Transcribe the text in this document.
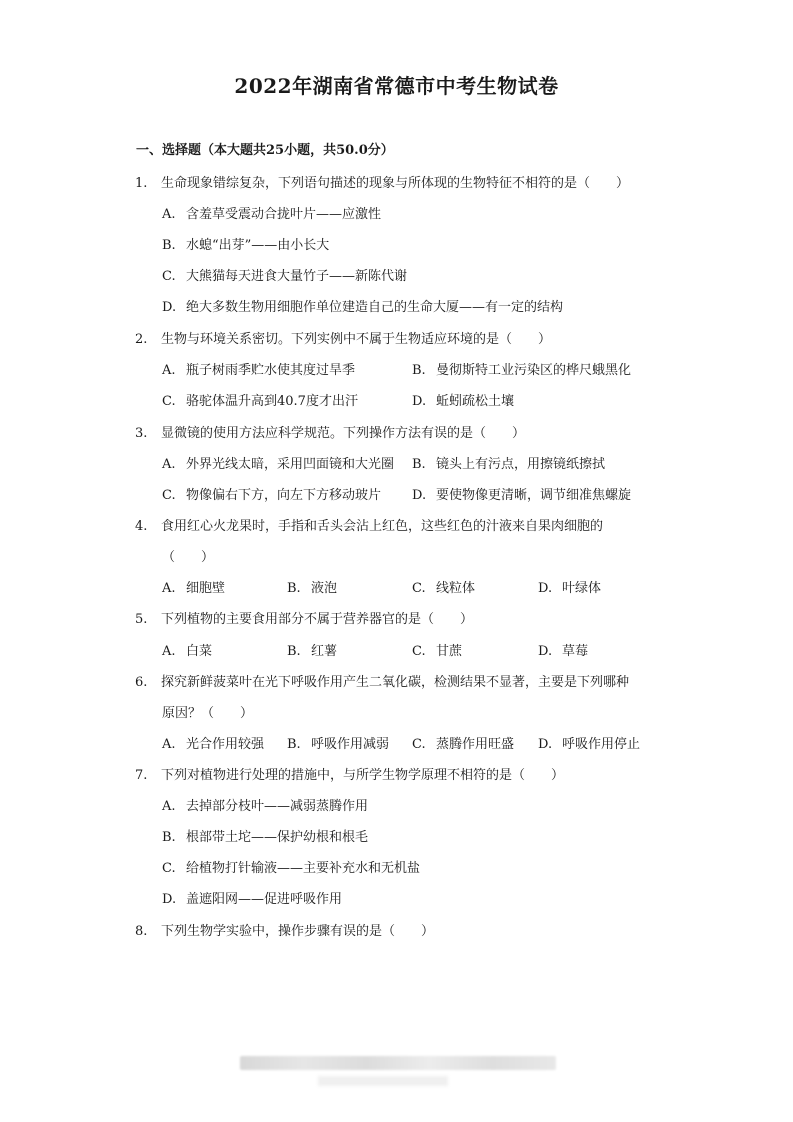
2022年湖南省常德市中考生物试卷
一、选择题（本大题共25小题，共50.0分）
1. 生命现象错综复杂，下列语句描述的现象与所体现的生物特征不相符的是（　　）
A. 含羞草受震动合拢叶片——应激性
B. 水螅“出芽”——由小长大
C. 大熊猫每天进食大量竹子——新陈代谢
D. 绝大多数生物用细胞作单位建造自己的生命大厦——有一定的结构
2. 生物与环境关系密切。下列实例中不属于生物适应环境的是（　　）
A. 瓶子树雨季贮水使其度过旱季	B. 曼彻斯特工业污染区的桦尺蛾黑化
C. 骆驼体温升高到40.7度才出汗	D. 蚯蚓疏松土壤
3. 显微镜的使用方法应科学规范。下列操作方法有误的是（　　）
A. 外界光线太暗，采用凹面镜和大光圈 B. 镜头上有污点，用擦镜纸擦拭
C. 物像偏右下方，向左下方移动玻片 D. 要使物像更清晰，调节细准焦螺旋
4. 食用红心火龙果时，手指和舌头会沾上红色，这些红色的汁液来自果肉细胞的
（　　）
A. 细胞壁	B. 液泡	C. 线粒体	D. 叶绿体
5. 下列植物的主要食用部分不属于营养器官的是（　　）
A. 白菜	B. 红薯	C. 甘蔗	D. 草莓
6. 探究新鲜菠菜叶在光下呼吸作用产生二氧化碳，检测结果不显著，主要是下列哪种
原因？（　　）
A. 光合作用较强 B. 呼吸作用减弱 C. 蒸腾作用旺盛 D. 呼吸作用停止
7. 下列对植物进行处理的措施中，与所学生物学原理不相符的是（　　）
A. 去掉部分枝叶——减弱蒸腾作用
B. 根部带土坨——保护幼根和根毛
C. 给植物打针输液——主要补充水和无机盐
D. 盖遮阳网——促进呼吸作用
8. 下列生物学实验中，操作步骤有误的是（　　）
